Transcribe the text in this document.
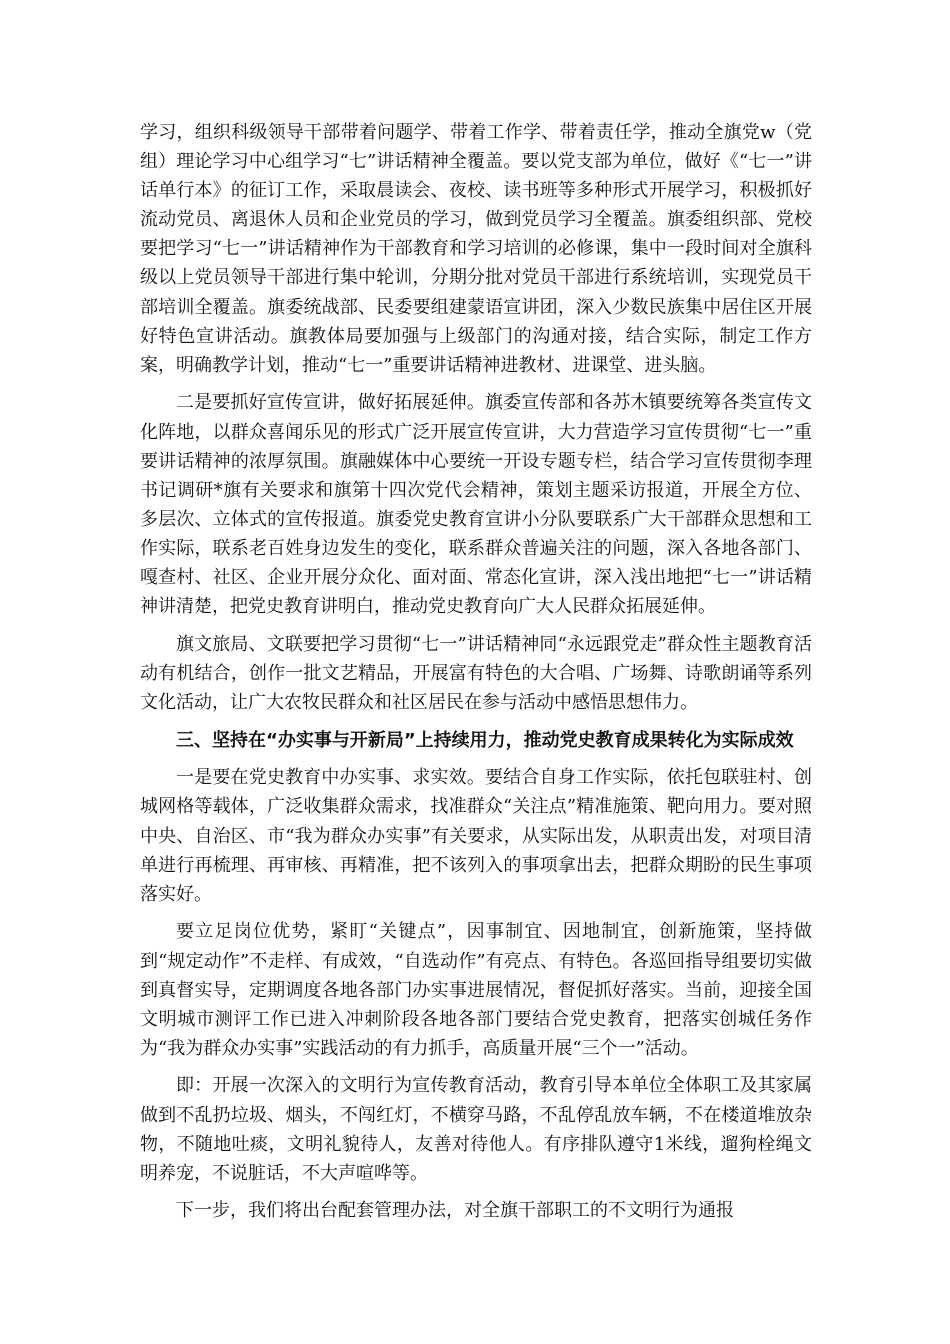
学习，组织科级领导干部带着问题学、带着工作学、带着责任学，推动全旗党w（党组）理论学习中心组学习“七”讲话精神全覆盖。要以党支部为单位，做好《“七一”讲话单行本》的征订工作，采取晨读会、夜校、读书班等多种形式开展学习，积极抓好流动党员、离退休人员和企业党员的学习，做到党员学习全覆盖。旗委组织部、党校要把学习“七一”讲话精神作为干部教育和学习培训的必修课，集中一段时间对全旗科级以上党员领导干部进行集中轮训，分期分批对党员干部进行系统培训，实现党员干部培训全覆盖。旗委统战部、民委要组建蒙语宣讲团，深入少数民族集中居住区开展好特色宣讲活动。旗教体局要加强与上级部门的沟通对接，结合实际，制定工作方案，明确教学计划，推动“七一”重要讲话精神进教材、进课堂、进头脑。

二是要抓好宣传宣讲，做好拓展延伸。旗委宣传部和各苏木镇要统筹各类宣传文化阵地，以群众喜闻乐见的形式广泛开展宣传宣讲，大力营造学习宣传贯彻“七一”重要讲话精神的浓厚氛围。旗融媒体中心要统一开设专题专栏，结合学习宣传贯彻李理书记调研*旗有关要求和旗第十四次党代会精神，策划主题采访报道，开展全方位、多层次、立体式的宣传报道。旗委党史教育宣讲小分队要联系广大干部群众思想和工作实际，联系老百姓身边发生的变化，联系群众普遍关注的问题，深入各地各部门、嘎查村、社区、企业开展分众化、面对面、常态化宣讲，深入浅出地把“七一”讲话精神讲清楚，把党史教育讲明白，推动党史教育向广大人民群众拓展延伸。

旗文旅局、文联要把学习贯彻“七一”讲话精神同“永远跟党走”群众性主题教育活动有机结合，创作一批文艺精品，开展富有特色的大合唱、广场舞、诗歌朗诵等系列文化活动，让广大农牧民群众和社区居民在参与活动中感悟思想伟力。

三、坚持在“办实事与开新局”上持续用力，推动党史教育成果转化为实际成效

一是要在党史教育中办实事、求实效。要结合自身工作实际，依托包联驻村、创城网格等载体，广泛收集群众需求，找准群众“关注点”精准施策、靶向用力。要对照中央、自治区、市“我为群众办实事”有关要求，从实际出发，从职责出发，对项目清单进行再梳理、再审核、再精准，把不该列入的事项拿出去，把群众期盼的民生事项落实好。

要立足岗位优势，紧盯“关键点”，因事制宜、因地制宜，创新施策，坚持做到“规定动作”不走样、有成效，“自选动作”有亮点、有特色。各巡回指导组要切实做到真督实导，定期调度各地各部门办实事进展情况，督促抓好落实。当前，迎接全国文明城市测评工作已进入冲刺阶段各地各部门要结合党史教育，把落实创城任务作为“我为群众办实事”实践活动的有力抓手，高质量开展“三个一”活动。

即：开展一次深入的文明行为宣传教育活动，教育引导本单位全体职工及其家属做到不乱扔垃圾、烟头，不闯红灯，不横穿马路，不乱停乱放车辆，不在楼道堆放杂物，不随地吐痰，文明礼貌待人，友善对待他人。有序排队遵守1米线，遛狗栓绳文明养宠，不说脏话，不大声喧哗等。

下一步，我们将出台配套管理办法，对全旗干部职工的不文明行为通报
